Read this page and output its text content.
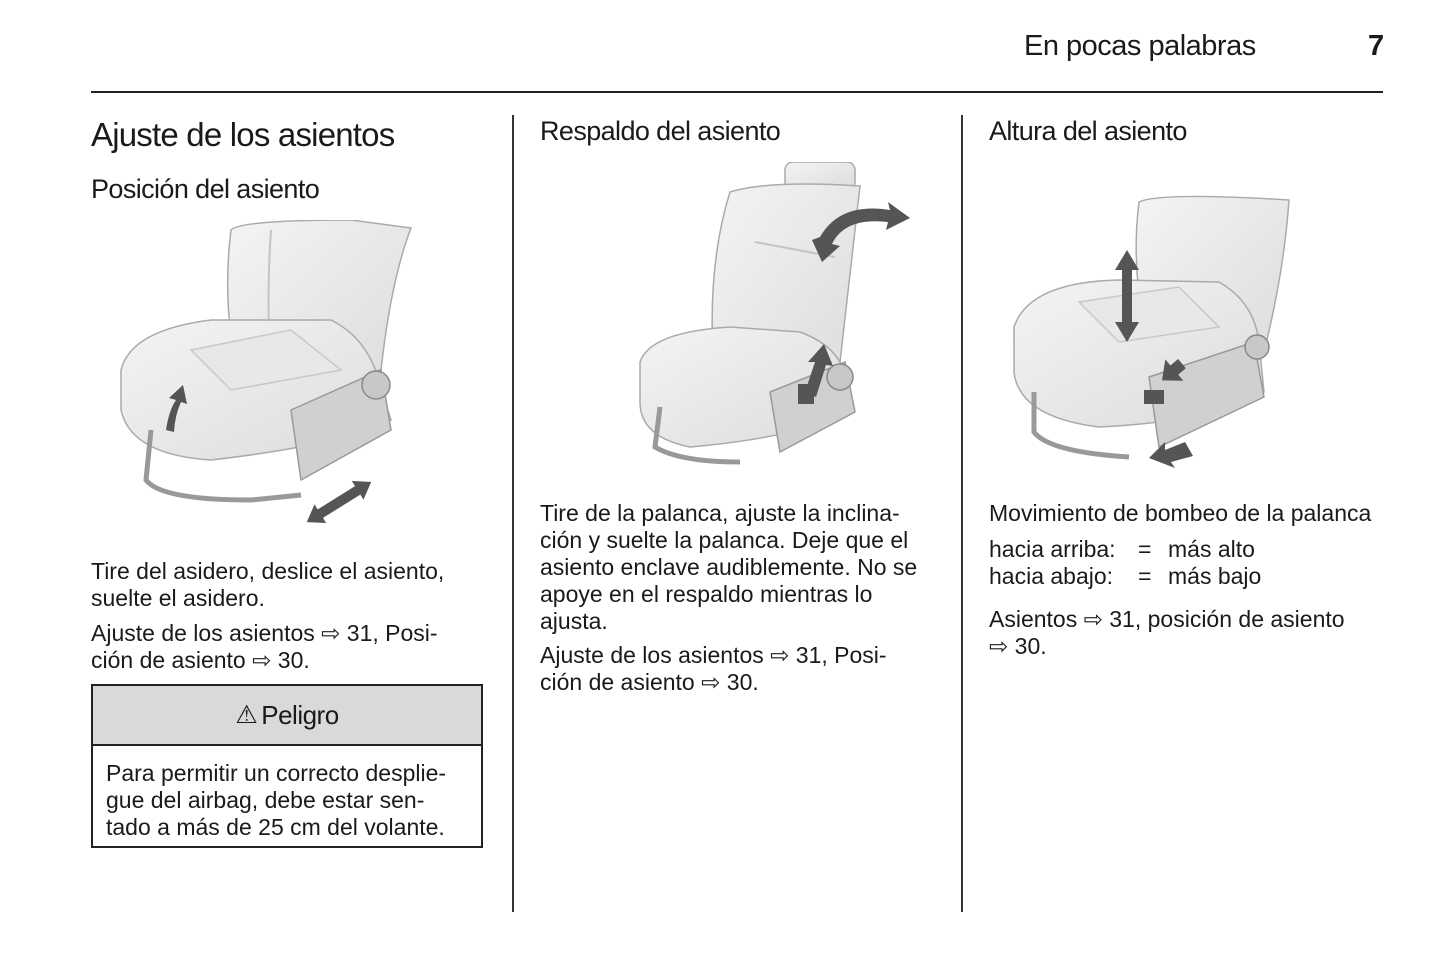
En pocas palabras	7
Ajuste de los asientos
Posición del asiento
Tire del asidero, deslice el asiento,
suelte el asidero.
Ajuste de los asientos ⇨ 31, Posi-
ción de asiento ⇨ 30.
⚠ Peligro
Para permitir un correcto desplie-
gue del airbag, debe estar sen-
tado a más de 25 cm del volante.
Respaldo del asiento
Tire de la palanca, ajuste la inclina-
ción y suelte la palanca. Deje que el
asiento enclave audiblemente. No se
apoye en el respaldo mientras lo
ajusta.
Ajuste de los asientos ⇨ 31, Posi-
ción de asiento ⇨ 30.
Altura del asiento
Movimiento de bombeo de la palanca
hacia arriba: = más alto
hacia abajo:	= más bajo
Asientos ⇨ 31, posición de asiento
⇨ 30.
